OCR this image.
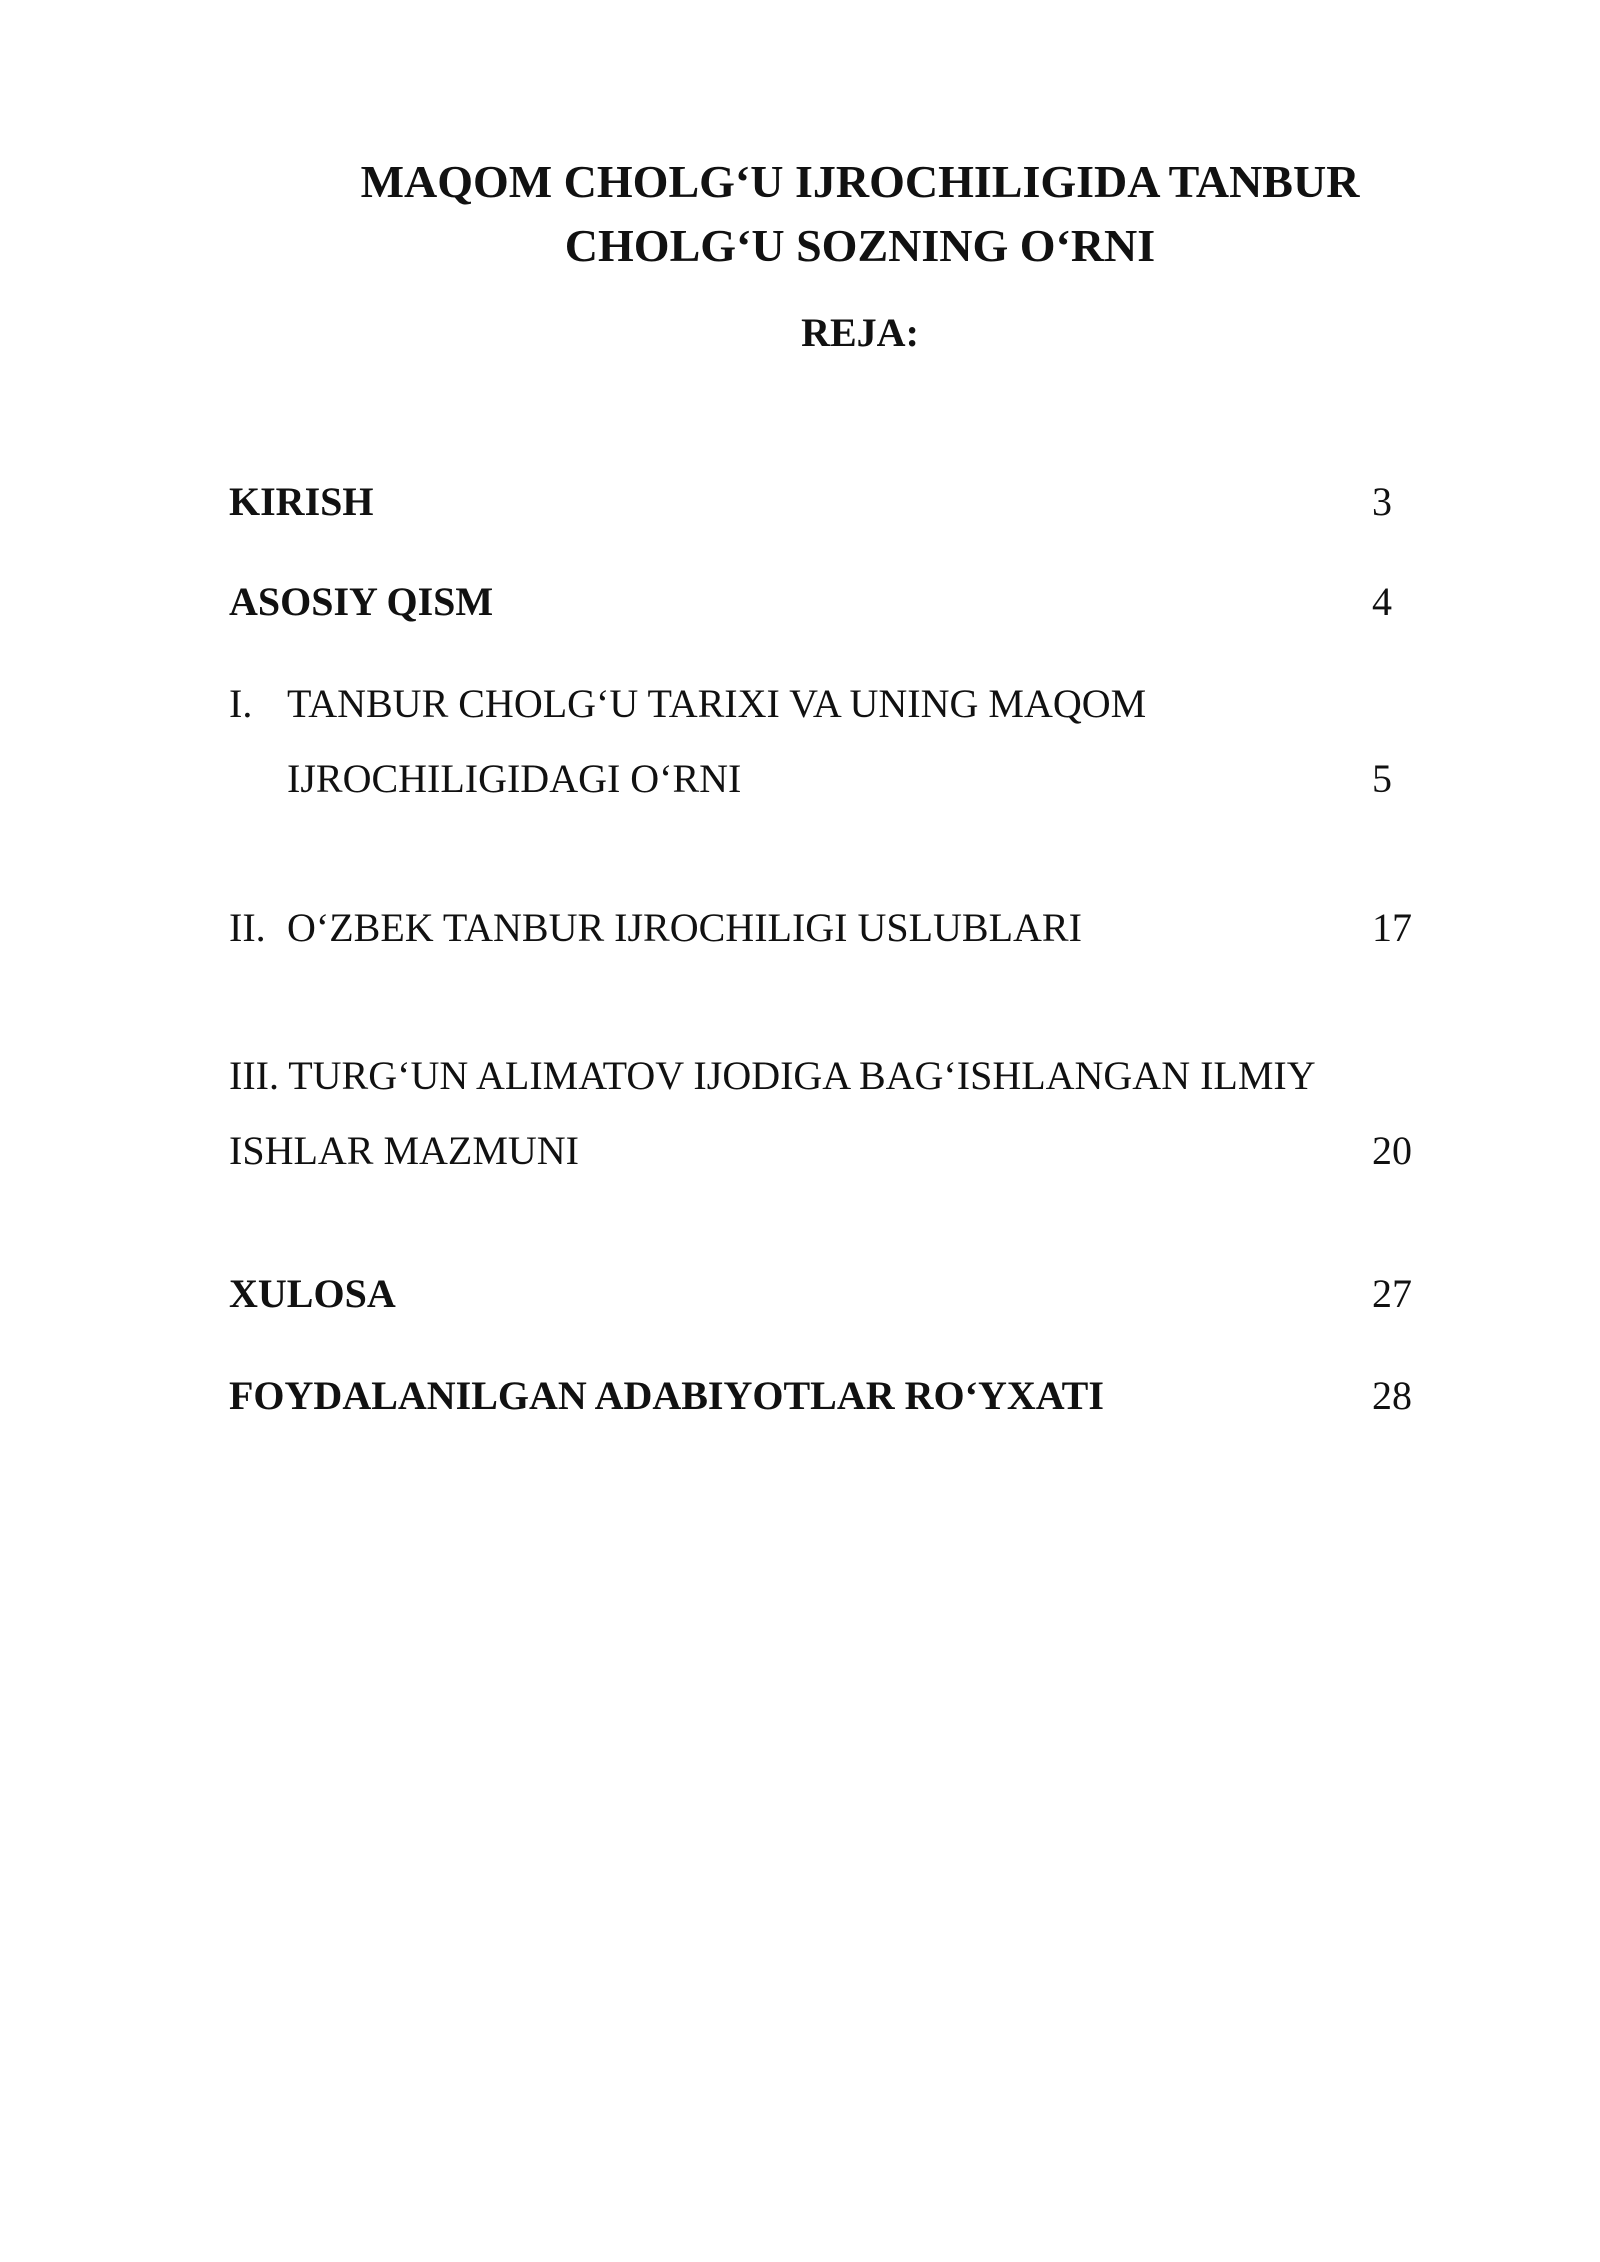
MAQOM CHOLG‘U IJROCHILIGIDA TANBUR
CHOLG‘U SOZNING O‘RNI
REJA:
KIRISH	3
ASOSIY QISM	4
I. TANBUR CHOLG‘U TARIXI VA UNING MAQOM
IJROCHILIGIDAGI O‘RNI	5
II. O‘ZBEK TANBUR IJROCHILIGI USLUBLARI	17
III. TURG‘UN ALIMATOV IJODIGA BAG‘ISHLANGAN ILMIY
ISHLAR MAZMUNI	20
XULOSA	27
FOYDALANILGAN ADABIYOTLAR RO‘YXATI	28
